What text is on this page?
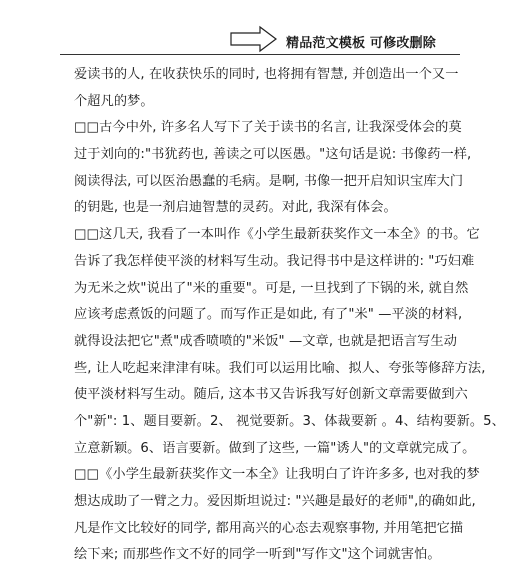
精品范文模板 可修改删除
爱读书的人, 在收获快乐的同时, 也将拥有智慧, 并创造出一个又一
个超凡的梦。
□□古今中外, 许多名人写下了关于读书的名言, 让我深受体会的莫
过于刘向的:"书犹药也, 善读之可以医愚。"这句话是说: 书像药一样,
阅读得法, 可以医治愚蠢的毛病。是啊, 书像一把开启知识宝库大门
的钥匙, 也是一剂启迪智慧的灵药。对此, 我深有体会。
□□这几天, 我看了一本叫作《小学生最新获奖作文一本全》的书。它
告诉了我怎样使平淡的材料写生动。我记得书中是这样讲的: "巧妇难
为无米之炊"说出了"米的重要"。可是, 一旦找到了下锅的米, 就自然
应该考虑煮饭的问题了。而写作正是如此, 有了"米" —平淡的材料,
就得设法把它"煮"成香喷喷的"米饭" —文章, 也就是把语言写生动
些, 让人吃起来津津有味。我们可以运用比喻、拟人、夸张等修辞方法,
使平淡材料写生动。随后, 这本书又告诉我写好创新文章需要做到六
个"新": 1、题目要新。2、 视觉要新。3、体裁要新 。4、结构要新。5、
立意新颖。6、语言要新。做到了这些, 一篇"诱人"的文章就完成了。
□□《小学生最新获奖作文一本全》让我明白了许许多多, 也对我的梦
想达成助了一臂之力。爱因斯坦说过: "兴趣是最好的老师",的确如此,
凡是作文比较好的同学, 都用高兴的心态去观察事物, 并用笔把它描
绘下来; 而那些作文不好的同学一听到"写作文"这个词就害怕。
